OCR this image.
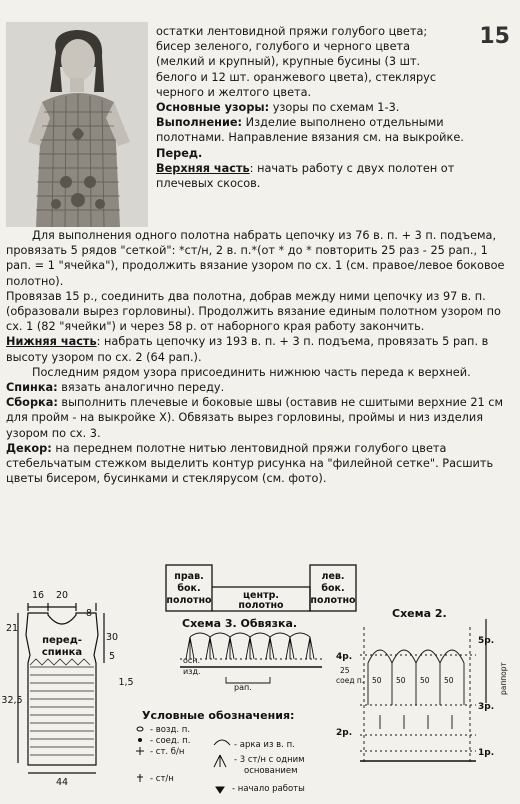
15

остатки лентовидной пряжи голубого цвета;

бисер зеленого, голубого и черного цвета

(мелкий и крупный), крупные бусины (3 шт.

белого и 12 шт. оранжевого цвета), стеклярус

черного и желтого цвета.

Основные узоры: узоры по схемам 1-3.

Выполнение: Изделие выполнено отдельными полотнами. Направление вязания см. на выкройке.

Перед.

Верхняя часть: начать работу с двух полотен от плечевых скосов.

Для выполнения одного полотна набрать цепочку из 76 в. п. + 3 п. подъема, провязать 5 рядов "сеткой": *ст/н, 2 в. п.*(от * до * повторить 25 раз - 25 рап., 1 рап. = 1 "ячейка"), продолжить вязание узором по сх. 1 (см. правое/левое боковое полотно).

Провязав 15 р., соединить два полотна, добрав между ними цепочку из 97 в. п. (образовали вырез горловины). Продолжить вязание единым полотном узором по сх. 1 (82 "ячейки") и через 58 р. от наборного края работу закончить.

Нижняя часть: набрать цепочку из 193 в. п. + 3 п. подъема, провязать 5 рап. в высоту узором по сх. 2 (64 рап.).

Последним рядом узора присоединить нижнюю часть переда к верхней.

Спинка: вязать аналогично переду.

Сборка: выполнить плечевые и боковые швы (оставив не сшитыми верхние 21 см для пройм - на выкройке X). Обвязать вырез горловины, проймы и низ изделия узором по сх. 3.

Декор: на переднем полотне нитью лентовидной пряжи голубого цвета стебельчатым стежком выделить контур рисунка на "филейной сетке". Расшить цветы бисером, бусинками и стеклярусом (см. фото).

прав.
бок.
полотно	центр.
полотно
лев.
бок.
полотно
16 20
8
21
30
5
1,5
32,5
44
перед-
спинка
Схема 3. Обвязка.
осн.
изд.
рап.
Условные обозначения:
- возд. п.
- соед. п.
- ст. б/н
- ст/н
- арка из в. п.
- 3 ст/н с одним
основанием
- начало работы
Схема 2.
5р.
4р.
3р.
2р.
1р.
25
соед п. 50 50 50 50	раппорт
